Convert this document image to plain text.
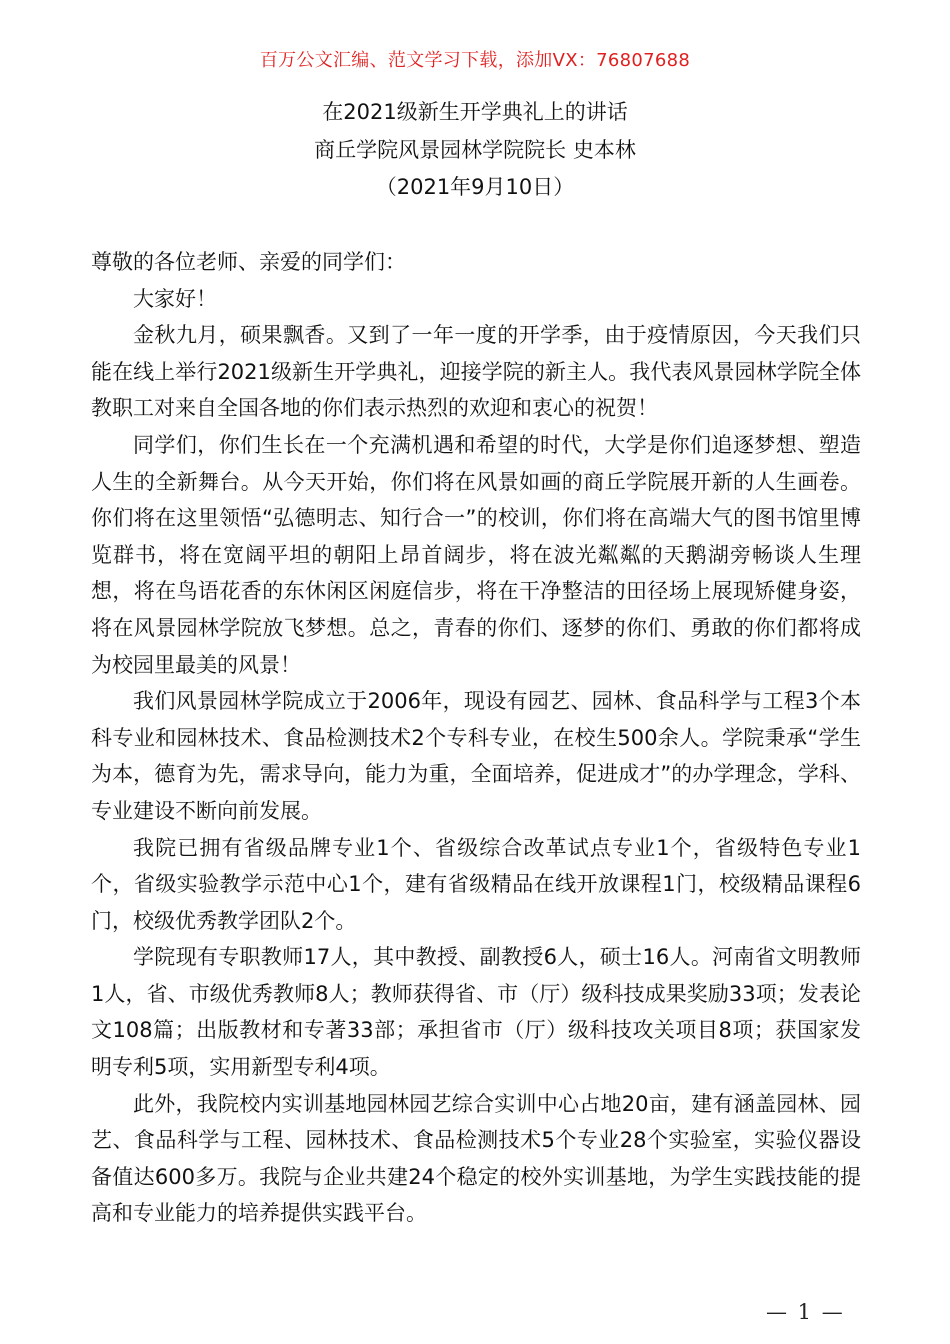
百万公文汇编、范文学习下载，添加VX：76807688
在2021级新生开学典礼上的讲话
商丘学院风景园林学院院长 史本林
（2021年9月10日）

尊敬的各位老师、亲爱的同学们：

大家好！

金秋九月，硕果飘香。又到了一年一度的开学季，由于疫情原因，今天我们只能在线上举行2021级新生开学典礼，迎接学院的新主人。我代表风景园林学院全体教职工对来自全国各地的你们表示热烈的欢迎和衷心的祝贺！

同学们，你们生长在一个充满机遇和希望的时代，大学是你们追逐梦想、塑造人生的全新舞台。从今天开始，你们将在风景如画的商丘学院展开新的人生画卷。你们将在这里领悟“弘德明志、知行合一”的校训，你们将在高端大气的图书馆里博览群书，将在宽阔平坦的朝阳上昂首阔步，将在波光粼粼的天鹅湖旁畅谈人生理想，将在鸟语花香的东休闲区闲庭信步，将在干净整洁的田径场上展现矫健身姿，将在风景园林学院放飞梦想。总之，青春的你们、逐梦的你们、勇敢的你们都将成为校园里最美的风景！

我们风景园林学院成立于2006年，现设有园艺、园林、食品科学与工程3个本科专业和园林技术、食品检测技术2个专科专业，在校生500余人。学院秉承“学生为本，德育为先，需求导向，能力为重，全面培养，促进成才”的办学理念，学科、专业建设不断向前发展。

我院已拥有省级品牌专业1个、省级综合改革试点专业1个，省级特色专业1个，省级实验教学示范中心1个，建有省级精品在线开放课程1门，校级精品课程6门，校级优秀教学团队2个。

学院现有专职教师17人，其中教授、副教授6人，硕士16人。河南省文明教师1人，省、市级优秀教师8人；教师获得省、市（厅）级科技成果奖励33项；发表论文108篇；出版教材和专著33部；承担省市（厅）级科技攻关项目8项；获国家发明专利5项，实用新型专利4项。

此外，我院校内实训基地园林园艺综合实训中心占地20亩，建有涵盖园林、园艺、食品科学与工程、园林技术、食品检测技术5个专业28个实验室，实验仪器设备值达600多万。我院与企业共建24个稳定的校外实训基地，为学生实践技能的提高和专业能力的培养提供实践平台。

— 1 —
